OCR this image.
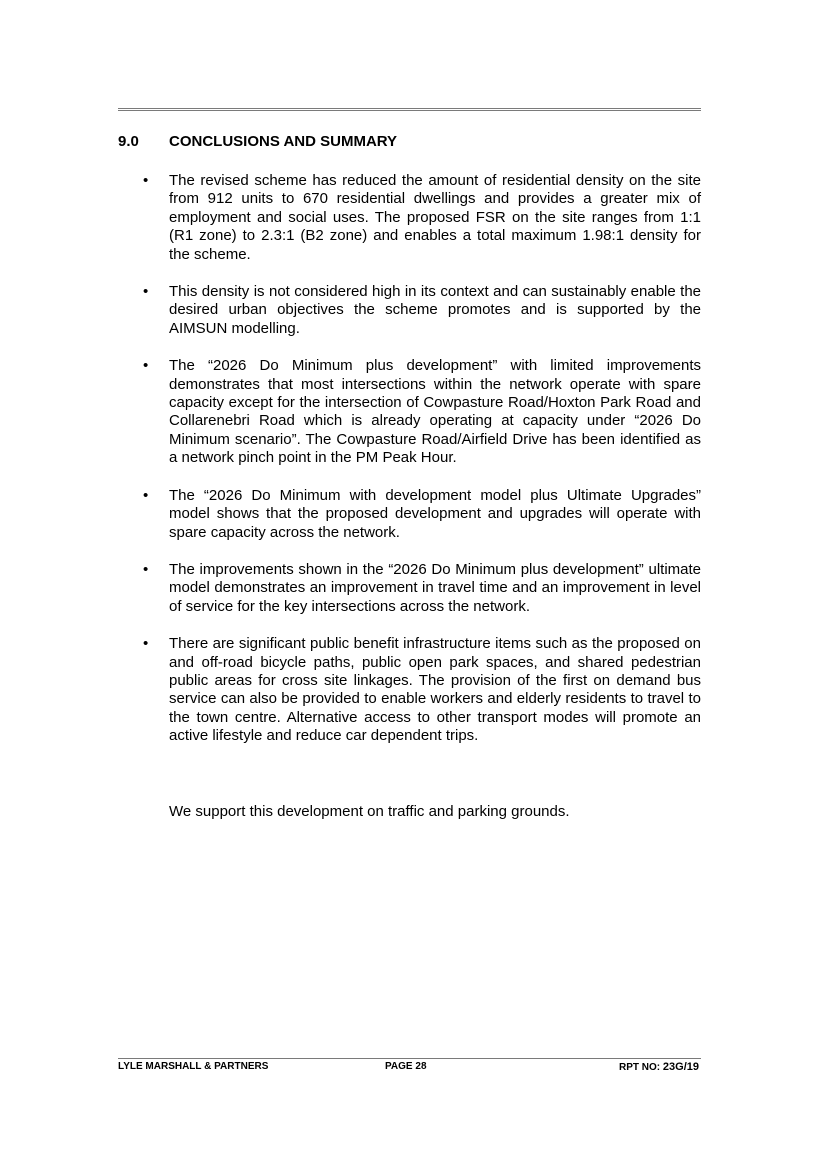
9.0	CONCLUSIONS AND SUMMARY
•	The revised scheme has reduced the amount of residential density on the site from 912 units to 670 residential dwellings and provides a greater mix of employment and social uses. The proposed FSR on the site ranges from 1:1 (R1 zone) to 2.3:1 (B2 zone) and enables a total maximum 1.98:1 density for the scheme.
•	This density is not considered high in its context and can sustainably enable the desired urban objectives the scheme promotes and is supported by the AIMSUN modelling.
•	The “2026 Do Minimum plus development” with limited improvements demonstrates that most intersections within the network operate with spare capacity except for the intersection of Cowpasture Road/Hoxton Park Road and Collarenebri Road which is already operating at capacity under “2026 Do Minimum scenario”. The Cowpasture Road/Airfield Drive has been identified as a network pinch point in the PM Peak Hour.
•	The “2026 Do Minimum with development model plus Ultimate Upgrades” model shows that the proposed development and upgrades will operate with spare capacity across the network.
•	The improvements shown in the “2026 Do Minimum plus development” ultimate model demonstrates an improvement in travel time and an improvement in level of service for the key intersections across the network.
•	There are significant public benefit infrastructure items such as the proposed on and off-road bicycle paths, public open park spaces, and shared pedestrian public areas for cross site linkages. The provision of the first on demand bus service can also be provided to enable workers and elderly residents to travel to the town centre. Alternative access to other transport modes will promote an active lifestyle and reduce car dependent trips.
We support this development on traffic and parking grounds.
LYLE MARSHALL & PARTNERS	PAGE 28	RPT NO: 23G/19
